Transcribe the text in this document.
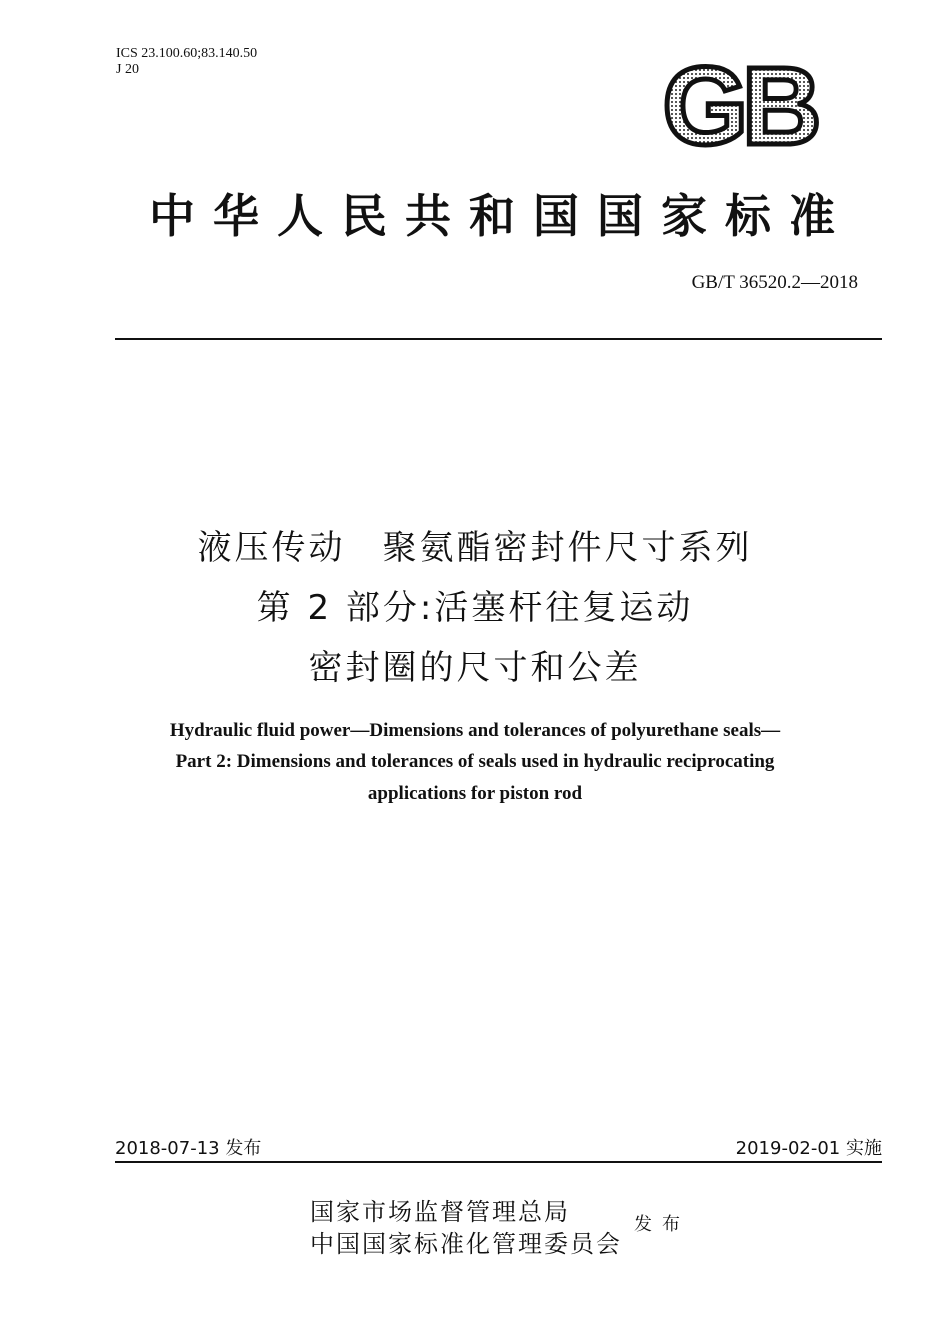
ICS 23.100.60;83.140.50
J 20	GB
中华人民共和国国家标准
GB/T 36520.2—2018
液压传动　聚氨酯密封件尺寸系列
第 2 部分:活塞杆往复运动
密封圈的尺寸和公差
Hydraulic fluid power—Dimensions and tolerances of polyurethane seals—
Part 2: Dimensions and tolerances of seals used in hydraulic reciprocating
applications for piston rod
2018-07-13 发布	2019-02-01 实施
国家市场监督管理总局
中国国家标准化管理委员会
发布
